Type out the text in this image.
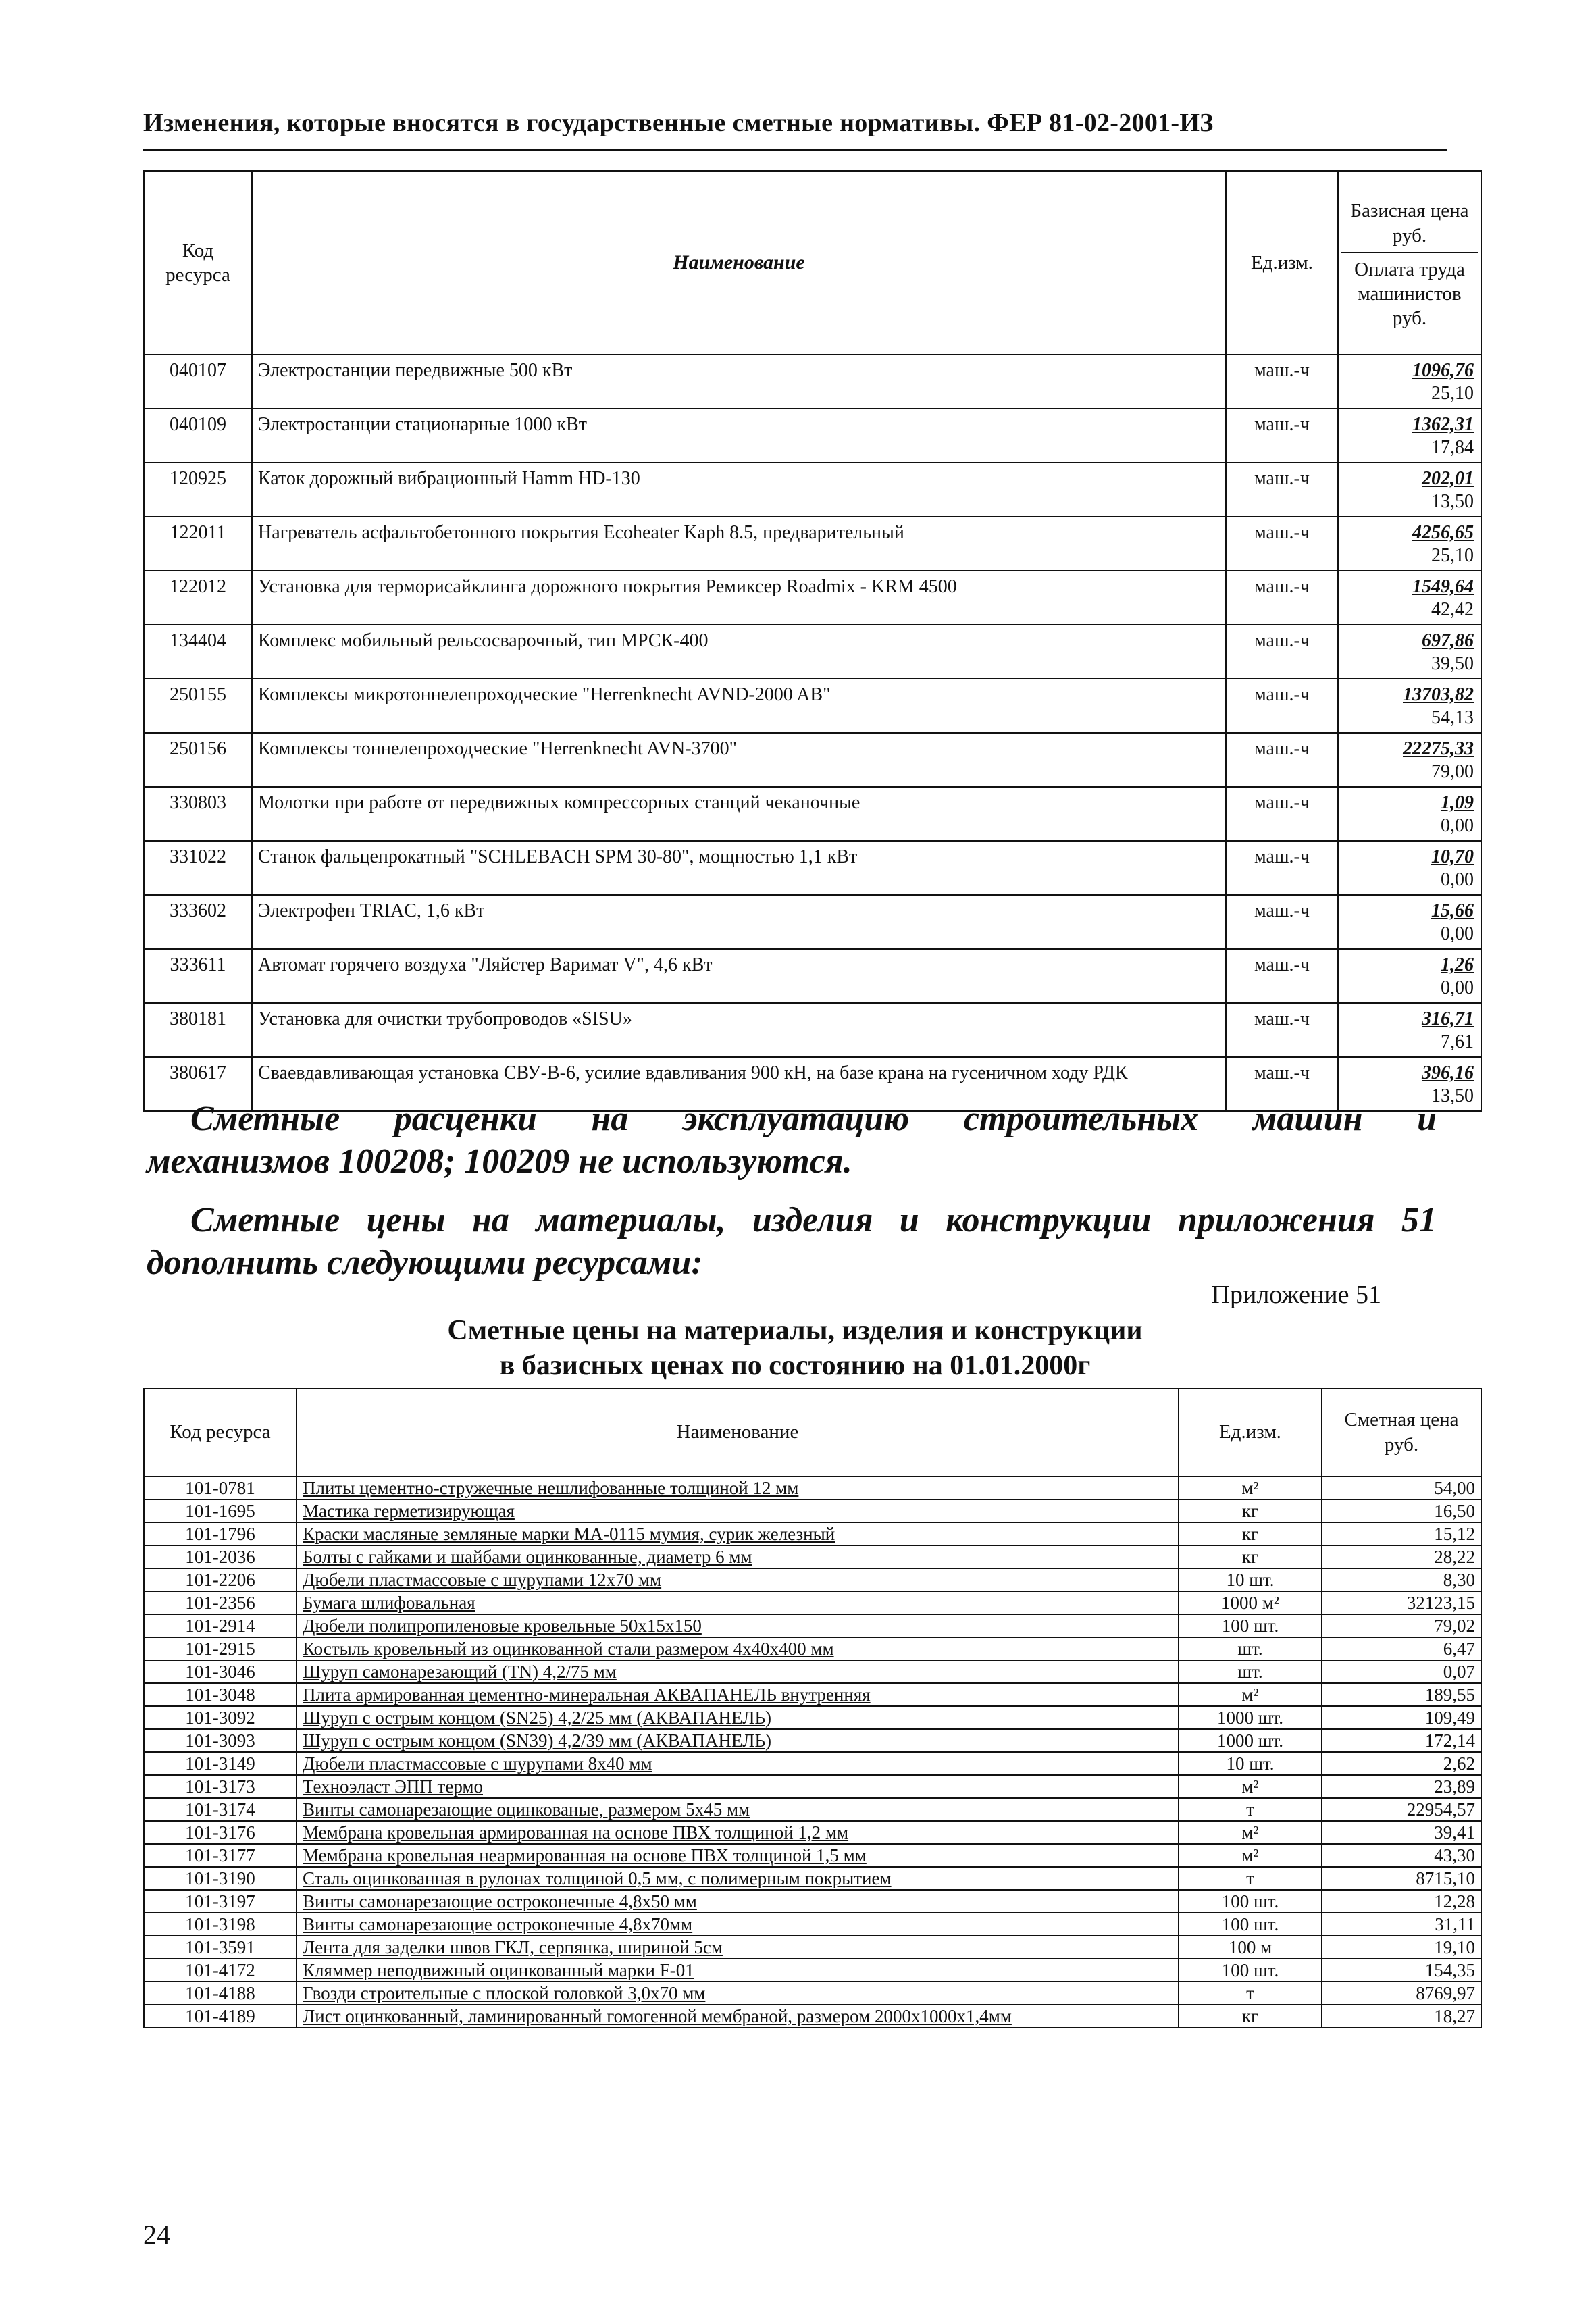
Изменения, которые вносятся в государственные сметные нормативы. ФЕР 81-02-2001-ИЗ
Код ресурса	Наименование	Ед.изм.	Базисная цена руб.
Оплата труда машинистов руб.

040107	Электростанции передвижные 500 кВт	маш.-ч	1096,76
25,10

040109	Электростанции стационарные 1000 кВт	маш.-ч	1362,31
17,84

120925	Каток дорожный вибрационный Hamm HD-130	маш.-ч	202,01
13,50

122011	Нагреватель асфальтобетонного покрытия Ecoheater Kaph 8.5, предварительный	маш.-ч	4256,65
25,10

122012	Установка для терморисайклинга дорожного покрытия Ремиксер Roadmix - KRM 4500	маш.-ч	1549,64
42,42

134404	Комплекс мобильный рельсосварочный, тип МРСК-400	маш.-ч	697,86
39,50

250155	Комплексы микротоннелепроходческие "Herrenknecht AVND-2000 AB"	маш.-ч	13703,82
54,13

250156	Комплексы тоннелепроходческие "Herrenknecht AVN-3700"	маш.-ч	22275,33
79,00

330803	Молотки при работе от передвижных компрессорных станций чеканочные	маш.-ч	1,09
0,00

331022	Станок фальцепрокатный "SCHLEBACH SPM 30-80", мощностью 1,1 кВт	маш.-ч	10,70
0,00

333602	Электрофен TRIAC, 1,6 кВт	маш.-ч	15,66
0,00

333611	Автомат горячего воздуха "Ляйстер Варимат V", 4,6 кВт	маш.-ч	1,26
0,00

380181	Установка для очистки трубопроводов «SISU»	маш.-ч	316,71
7,61

380617	Сваевдавливающая установка СВУ-В-6, усилие вдавливания 900 кН, на базе крана на гусеничном ходу РДК	маш.-ч	396,16
13,50
Сметные расценки на эксплуатацию строительных машин и
механизмов 100208; 100209 не используются.
Сметные цены на материалы, изделия и конструкции приложения 51
дополнить следующими ресурсами:
Приложение 51
Сметные цены на материалы, изделия и конструкции
в базисных ценах по состоянию на 01.01.2000г
Код ресурса	Наименование	Ед.изм.	Сметная цена руб.
101-0781	Плиты цементно-стружечные нешлифованные толщиной 12 мм	м²	54,00
101-1695	Мастика герметизирующая	кг	16,50
101-1796	Краски масляные земляные марки МА-0115 мумия, сурик железный	кг	15,12
101-2036	Болты с гайками и шайбами оцинкованные, диаметр 6 мм	кг	28,22
101-2206	Дюбели пластмассовые с шурупами 12х70 мм	10 шт.	8,30
101-2356	Бумага шлифовальная	1000 м²	32123,15
101-2914	Дюбели полипропиленовые кровельные 50х15х150	100 шт.	79,02
101-2915	Костыль кровельный из оцинкованной стали размером 4х40х400 мм	шт.	6,47
101-3046	Шуруп самонарезающий (TN) 4,2/75 мм	шт.	0,07
101-3048	Плита армированная цементно-минеральная АКВАПАНЕЛЬ внутренняя	м²	189,55
101-3092	Шуруп с острым концом (SN25) 4,2/25 мм (АКВАПАНЕЛЬ)	1000 шт.	109,49
101-3093	Шуруп с острым концом (SN39) 4,2/39 мм (АКВАПАНЕЛЬ)	1000 шт.	172,14
101-3149	Дюбели пластмассовые с шурупами 8х40 мм	10 шт.	2,62
101-3173	Техноэласт ЭПП термо	м²	23,89
101-3174	Винты самонарезающие оцинкованые, размером 5х45 мм	т	22954,57
101-3176	Мембрана кровельная армированная на основе ПВХ толщиной 1,2 мм	м²	39,41
101-3177	Мембрана кровельная неармированная на основе ПВХ толщиной 1,5 мм	м²	43,30
101-3190	Сталь оцинкованная в рулонах толщиной 0,5 мм, с полимерным покрытием	т	8715,10
101-3197	Винты самонарезающие остроконечные 4,8х50 мм	100 шт.	12,28
101-3198	Винты самонарезающие остроконечные 4,8х70мм	100 шт.	31,11
101-3591	Лента для заделки швов ГКЛ, серпянка, шириной 5см	100 м	19,10
101-4172	Кляммер неподвижный оцинкованный марки F-01	100 шт.	154,35
101-4188	Гвозди строительные с плоской головкой 3,0х70 мм	т	8769,97
101-4189	Лист оцинкованный, ламинированный гомогенной мембраной, размером 2000х1000х1,4мм	кг	18,27
24
